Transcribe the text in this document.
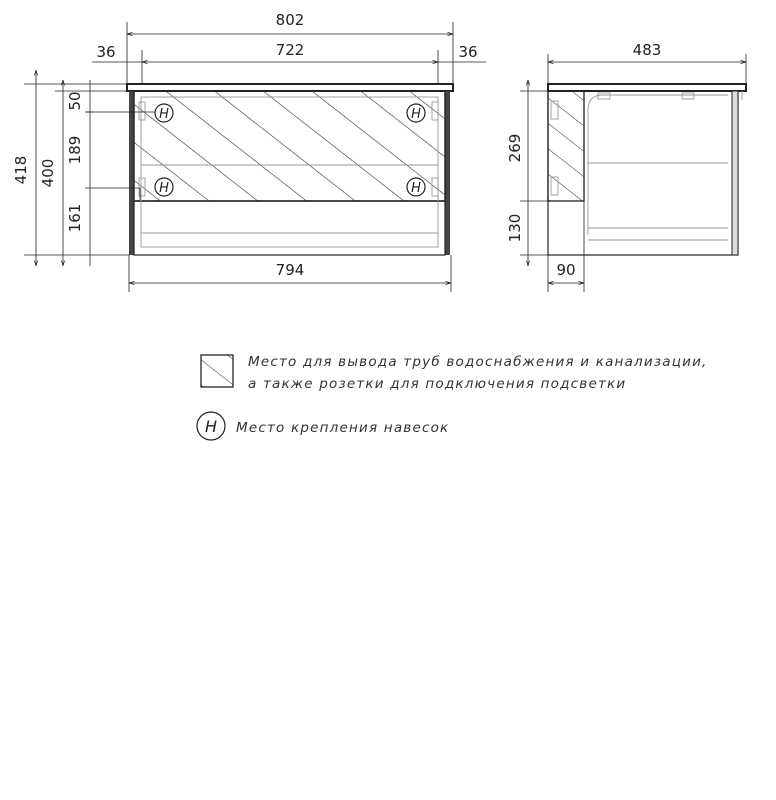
H	H
H	H
802
722
36	36
794
418 400
50
189
161
483
269
130
90
Место для вывода труб водоснабжения и канализации,
а также розетки для подключения подсветки
H Место крепления навесок
